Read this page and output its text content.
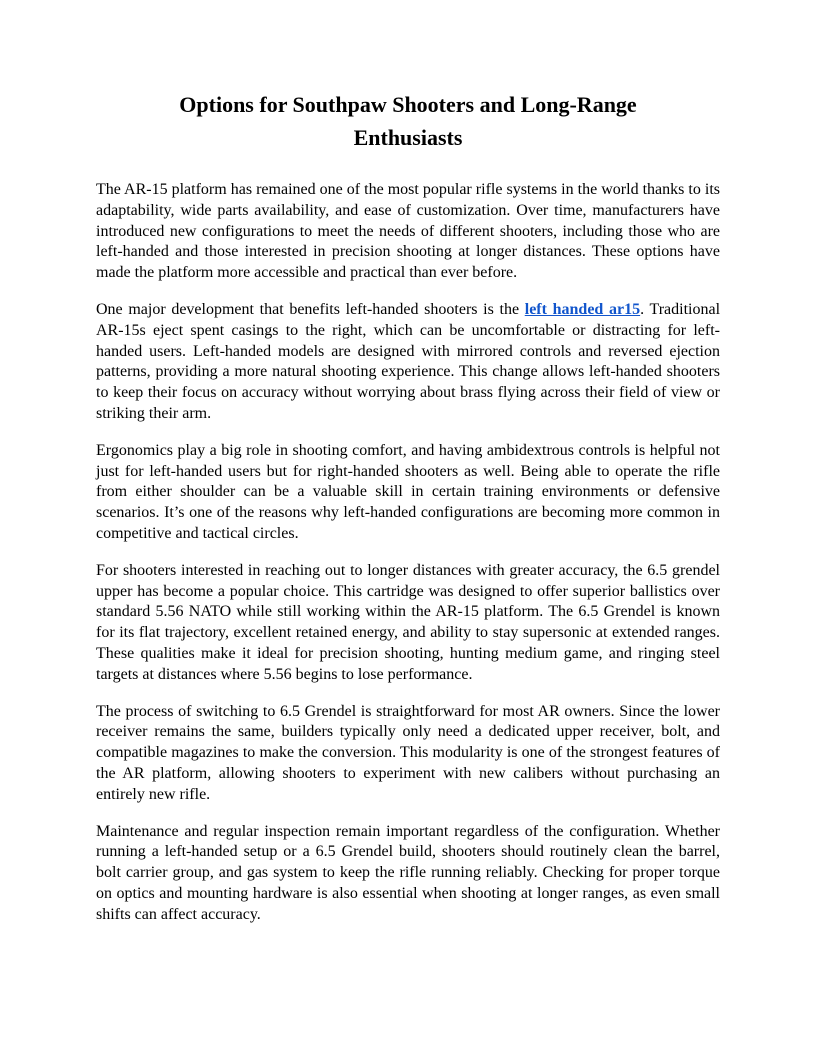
Options for Southpaw Shooters and Long-Range Enthusiasts

The AR-15 platform has remained one of the most popular rifle systems in the world thanks to its adaptability, wide parts availability, and ease of customization. Over time, manufacturers have introduced new configurations to meet the needs of different shooters, including those who are left-handed and those interested in precision shooting at longer distances. These options have made the platform more accessible and practical than ever before.

One major development that benefits left-handed shooters is the left handed ar15. Traditional AR-15s eject spent casings to the right, which can be uncomfortable or distracting for left-handed users. Left-handed models are designed with mirrored controls and reversed ejection patterns, providing a more natural shooting experience. This change allows left-handed shooters to keep their focus on accuracy without worrying about brass flying across their field of view or striking their arm.

Ergonomics play a big role in shooting comfort, and having ambidextrous controls is helpful not just for left-handed users but for right-handed shooters as well. Being able to operate the rifle from either shoulder can be a valuable skill in certain training environments or defensive scenarios. It’s one of the reasons why left-handed configurations are becoming more common in competitive and tactical circles.

For shooters interested in reaching out to longer distances with greater accuracy, the 6.5 grendel upper has become a popular choice. This cartridge was designed to offer superior ballistics over standard 5.56 NATO while still working within the AR-15 platform. The 6.5 Grendel is known for its flat trajectory, excellent retained energy, and ability to stay supersonic at extended ranges. These qualities make it ideal for precision shooting, hunting medium game, and ringing steel targets at distances where 5.56 begins to lose performance.

The process of switching to 6.5 Grendel is straightforward for most AR owners. Since the lower receiver remains the same, builders typically only need a dedicated upper receiver, bolt, and compatible magazines to make the conversion. This modularity is one of the strongest features of the AR platform, allowing shooters to experiment with new calibers without purchasing an entirely new rifle.

Maintenance and regular inspection remain important regardless of the configuration. Whether running a left-handed setup or a 6.5 Grendel build, shooters should routinely clean the barrel, bolt carrier group, and gas system to keep the rifle running reliably. Checking for proper torque on optics and mounting hardware is also essential when shooting at longer ranges, as even small shifts can affect accuracy.
